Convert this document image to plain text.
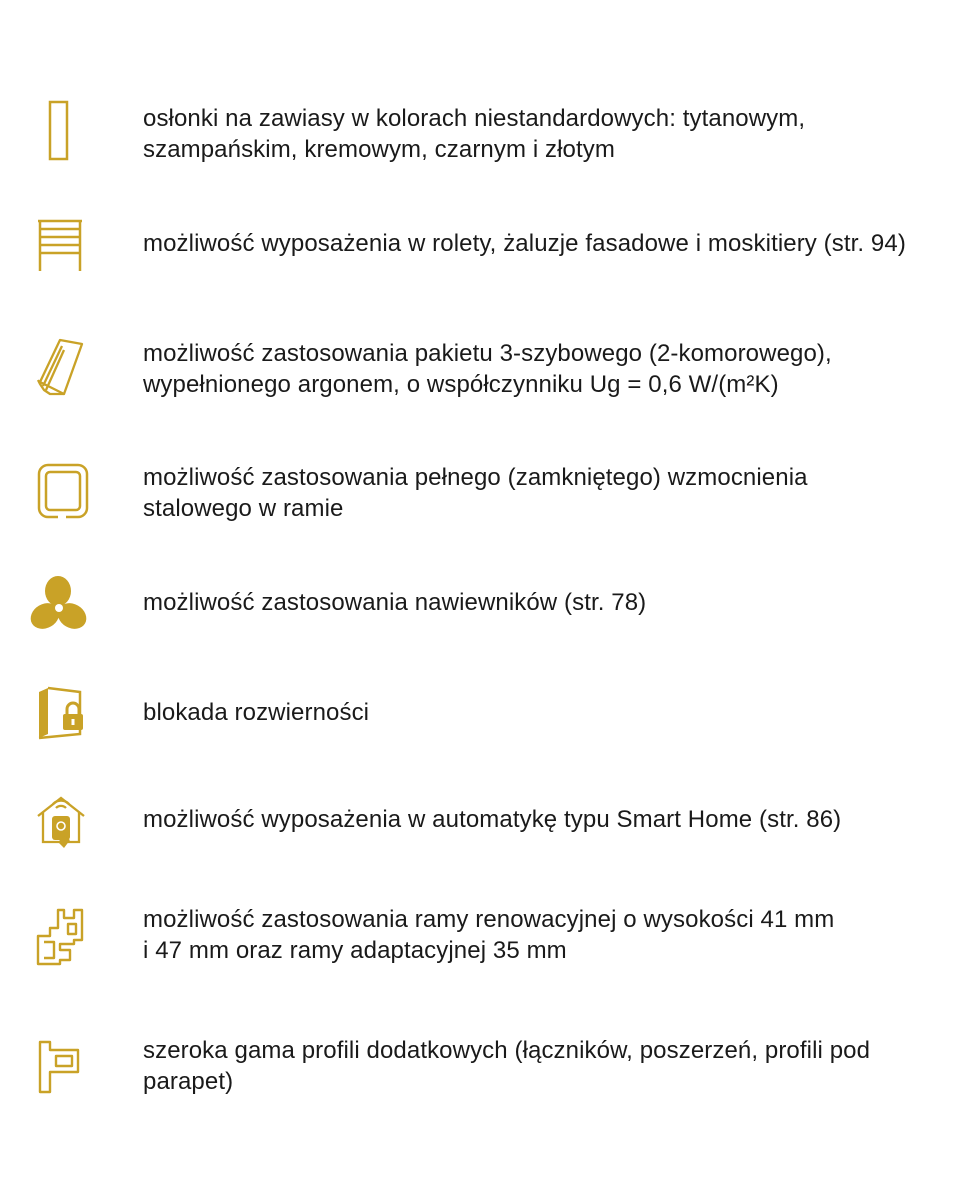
osłonki na zawiasy w kolorach niestandardowych: tytanowym,
szampańskim, kremowym, czarnym i złotym
możliwość wyposażenia w rolety, żaluzje fasadowe i moskitiery (str. 94)
możliwość zastosowania pakietu 3-szybowego (2-komorowego),
wypełnionego argonem, o współczynniku Ug = 0,6 W/(m²K)
możliwość zastosowania pełnego (zamkniętego) wzmocnienia
stalowego w ramie
możliwość zastosowania nawiewników (str. 78)
blokada rozwierności
możliwość wyposażenia w automatykę typu Smart Home (str. 86)
możliwość zastosowania ramy renowacyjnej o wysokości 41 mm
i 47 mm oraz ramy adaptacyjnej 35 mm
szeroka gama profili dodatkowych (łączników, poszerzeń, profili pod
parapet)
